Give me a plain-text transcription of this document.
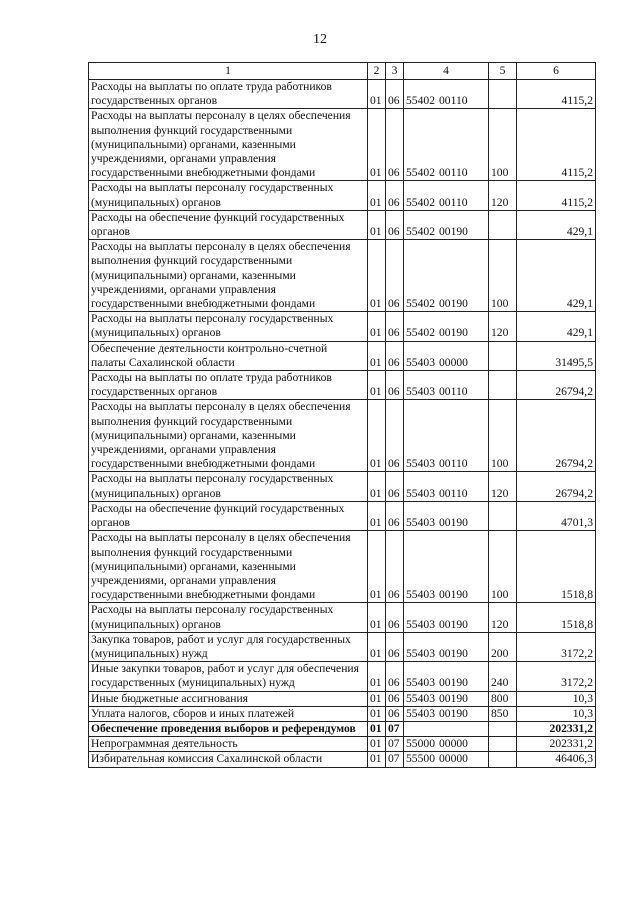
12
1	2	3	4	5	6
Расходы на выплаты по оплате труда работников государственных органов	01	06	55402 00110		4115,2
Расходы на выплаты персоналу в целях обеспечения выполнения функций государственными (муниципальными) органами, казенными учреждениями, органами управления государственными внебюджетными фондами	01	06	55402 00110	100	4115,2
Расходы на выплаты персоналу государственных (муниципальных) органов	01	06	55402 00110	120	4115,2
Расходы на обеспечение функций государственных органов	01	06	55402 00190		429,1
Расходы на выплаты персоналу в целях обеспечения выполнения функций государственными (муниципальными) органами, казенными учреждениями, органами управления государственными внебюджетными фондами	01	06	55402 00190	100	429,1
Расходы на выплаты персоналу государственных (муниципальных) органов	01	06	55402 00190	120	429,1
Обеспечение деятельности контрольно-счетной палаты Сахалинской области	01	06	55403 00000		31495,5
Расходы на выплаты по оплате труда работников государственных органов	01	06	55403 00110		26794,2
Расходы на выплаты персоналу в целях обеспечения выполнения функций государственными (муниципальными) органами, казенными учреждениями, органами управления государственными внебюджетными фондами	01	06	55403 00110	100	26794,2
Расходы на выплаты персоналу государственных (муниципальных) органов	01	06	55403 00110	120	26794,2
Расходы на обеспечение функций государственных органов	01	06	55403 00190		4701,3
Расходы на выплаты персоналу в целях обеспечения выполнения функций государственными (муниципальными) органами, казенными учреждениями, органами управления государственными внебюджетными фондами	01	06	55403 00190	100	1518,8
Расходы на выплаты персоналу государственных (муниципальных) органов	01	06	55403 00190	120	1518,8
Закупка товаров, работ и услуг для государственных (муниципальных) нужд	01	06	55403 00190	200	3172,2
Иные закупки товаров, работ и услуг для обеспечения государственных (муниципальных) нужд	01	06	55403 00190	240	3172,2
Иные бюджетные ассигнования	01	06	55403 00190	800	10,3
Уплата налогов, сборов и иных платежей	01	06	55403 00190	850	10,3
Обеспечение проведения выборов и референдумов	01	07			202331,2
Непрограммная деятельность	01	07	55000 00000		202331,2
Избирательная комиссия Сахалинской области	01	07	55500 00000		46406,3
